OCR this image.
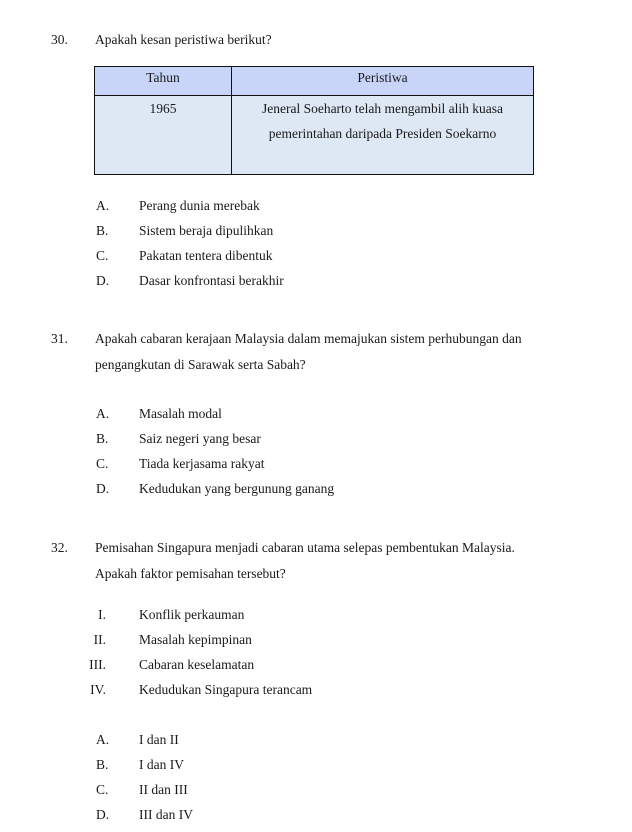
30. Apakah kesan peristiwa berikut?
Tahun	Peristiwa
1965	Jeneral Soeharto telah mengambil alih kuasa
pemerintahan daripada Presiden Soekarno
A. Perang dunia merebak
B. Sistem beraja dipulihkan
C. Pakatan tentera dibentuk
D. Dasar konfrontasi berakhir
31. Apakah cabaran kerajaan Malaysia dalam memajukan sistem perhubungan dan
pengangkutan di Sarawak serta Sabah?
A. Masalah modal
B. Saiz negeri yang besar
C. Tiada kerjasama rakyat
D. Kedudukan yang bergunung ganang
32. Pemisahan Singapura menjadi cabaran utama selepas pembentukan Malaysia.
Apakah faktor pemisahan tersebut?
I. Konflik perkauman
II. Masalah kepimpinan
III. Cabaran keselamatan
IV. Kedudukan Singapura terancam
A. I dan II
B. I dan IV
C. II dan III
D. III dan IV
